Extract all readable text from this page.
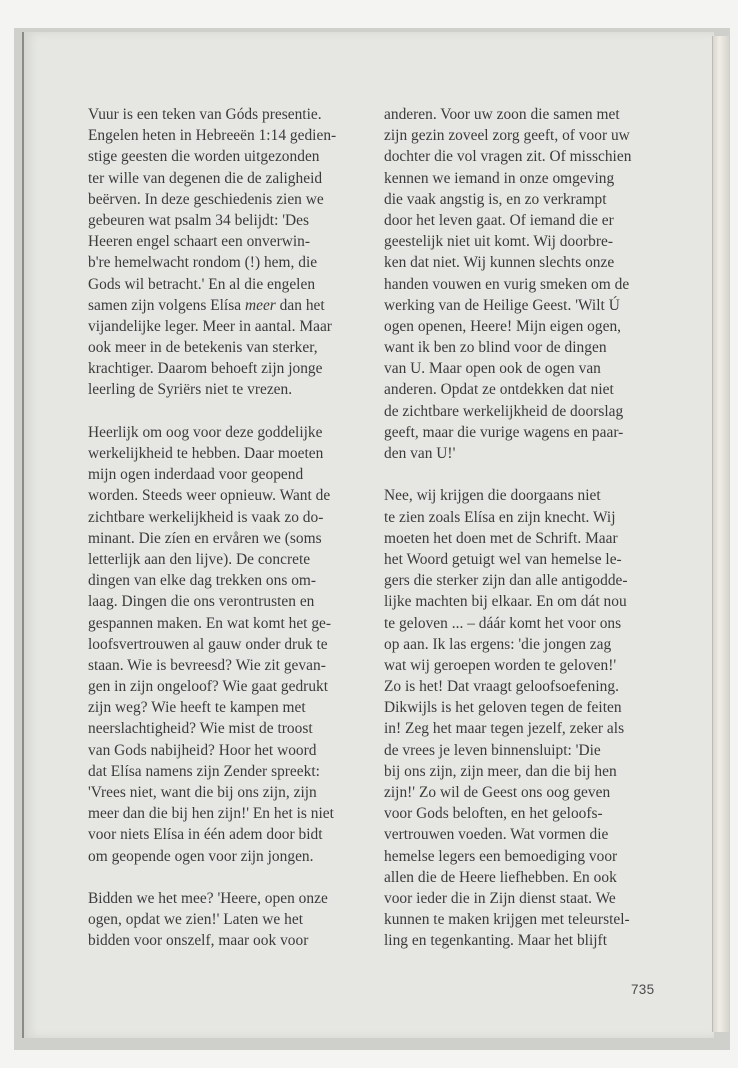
Vuur is een teken van Góds presentie.
Engelen heten in Hebreeën 1:14 gedien-
stige geesten die worden uitgezonden
ter wille van degenen die de zaligheid
beërven. In deze geschiedenis zien we
gebeuren wat psalm 34 belijdt: 'Des
Heeren engel schaart een onverwin-
b're hemelwacht rondom (!) hem, die
Gods wil betracht.' En al die engelen
samen zijn volgens Elísa meer dan het
vijandelijke leger. Meer in aantal. Maar
ook meer in de betekenis van sterker,
krachtiger. Daarom behoeft zijn jonge
leerling de Syriërs niet te vrezen.
Heerlijk om oog voor deze goddelijke
werkelijkheid te hebben. Daar moeten
mijn ogen inderdaad voor geopend
worden. Steeds weer opnieuw. Want de
zichtbare werkelijkheid is vaak zo do-
minant. Die zíen en ervåren we (soms
letterlijk aan den lijve). De concrete
dingen van elke dag trekken ons om-
laag. Dingen die ons verontrusten en
gespannen maken. En wat komt het ge-
loofsvertrouwen al gauw onder druk te
staan. Wie is bevreesd? Wie zit gevan-
gen in zijn ongeloof? Wie gaat gedrukt
zijn weg? Wie heeft te kampen met
neerslachtigheid? Wie mist de troost
van Gods nabijheid? Hoor het woord
dat Elísa namens zijn Zender spreekt:
'Vrees niet, want die bij ons zijn, zijn
meer dan die bij hen zijn!' En het is niet
voor niets Elísa in één adem door bidt
om geopende ogen voor zijn jongen.
Bidden we het mee? 'Heere, open onze
ogen, opdat we zien!' Laten we het
bidden voor onszelf, maar ook voor
anderen. Voor uw zoon die samen met
zijn gezin zoveel zorg geeft, of voor uw
dochter die vol vragen zit. Of misschien
kennen we iemand in onze omgeving
die vaak angstig is, en zo verkrampt
door het leven gaat. Of iemand die er
geestelijk niet uit komt. Wij doorbre-
ken dat niet. Wij kunnen slechts onze
handen vouwen en vurig smeken om de
werking van de Heilige Geest. 'Wilt Ú
ogen openen, Heere! Mijn eigen ogen,
want ik ben zo blind voor de dingen
van U. Maar open ook de ogen van
anderen. Opdat ze ontdekken dat niet
de zichtbare werkelijkheid de doorslag
geeft, maar die vurige wagens en paar-
den van U!'
Nee, wij krijgen die doorgaans niet
te zien zoals Elísa en zijn knecht. Wij
moeten het doen met de Schrift. Maar
het Woord getuigt wel van hemelse le-
gers die sterker zijn dan alle antigodde-
lijke machten bij elkaar. En om dát nou
te geloven ... – dáár komt het voor ons
op aan. Ik las ergens: 'die jongen zag
wat wij geroepen worden te geloven!'
Zo is het! Dat vraagt geloofsoefening.
Dikwijls is het geloven tegen de feiten
in! Zeg het maar tegen jezelf, zeker als
de vrees je leven binnensluipt: 'Die
bij ons zijn, zijn meer, dan die bij hen
zijn!' Zo wil de Geest ons oog geven
voor Gods beloften, en het geloofs-
vertrouwen voeden. Wat vormen die
hemelse legers een bemoediging voor
allen die de Heere liefhebben. En ook
voor ieder die in Zijn dienst staat. We
kunnen te maken krijgen met teleurstel-
ling en tegenkanting. Maar het blijft
735
